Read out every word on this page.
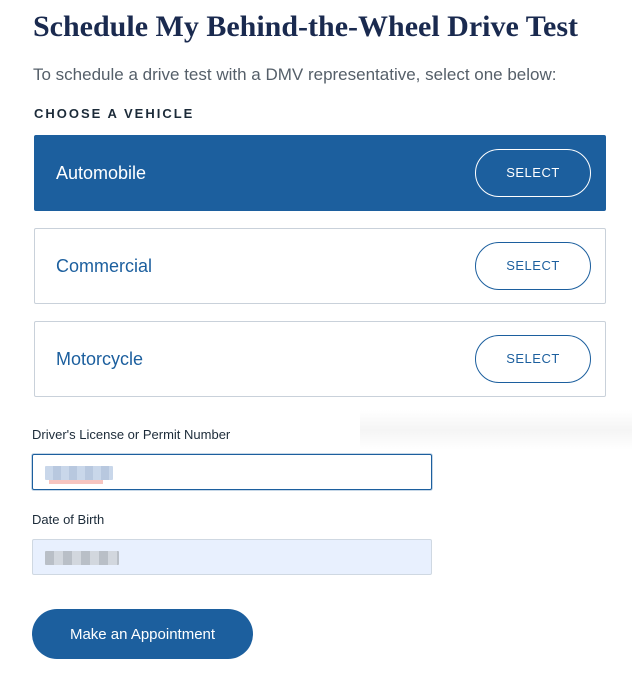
Schedule My Behind-the-Wheel Drive Test

To schedule a drive test with a DMV representative, select one below:

CHOOSE A VEHICLE
Automobile	SELECT
Commercial	SELECT
Motorcycle	SELECT
Driver's License or Permit Number
Date of Birth
Make an Appointment
